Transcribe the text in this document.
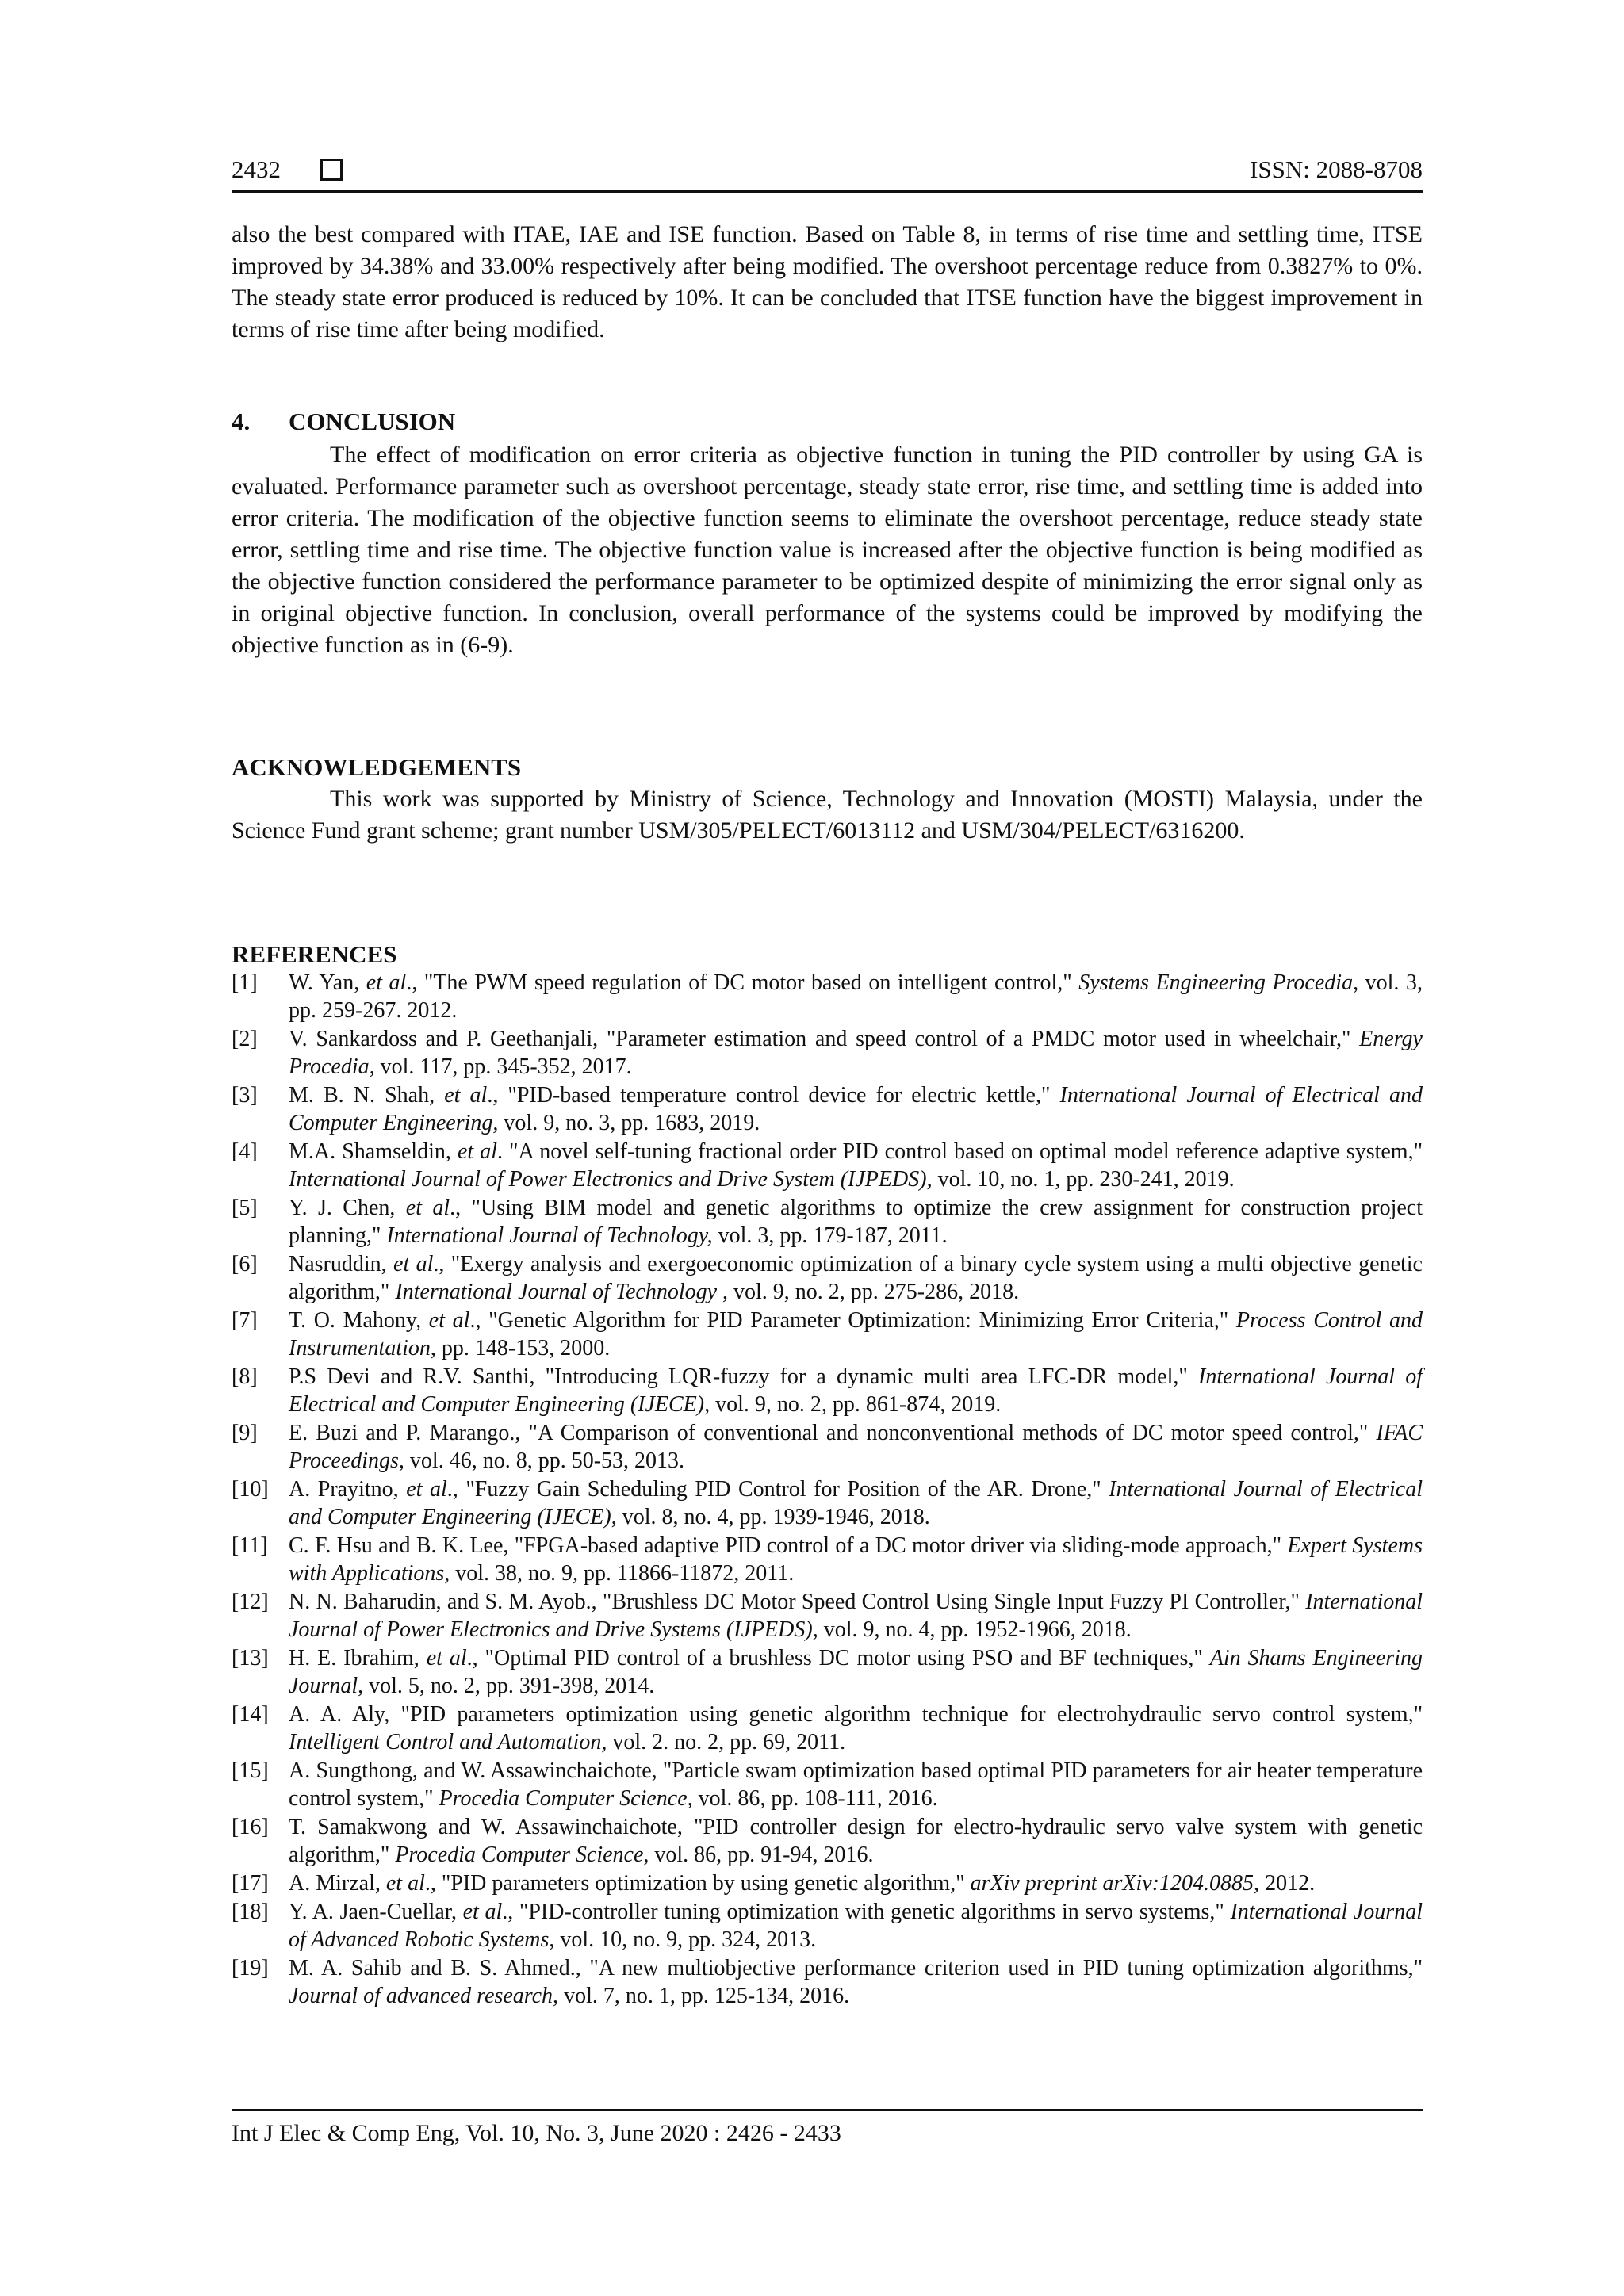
2432	ISSN: 2088-8708

also the best compared with ITAE, IAE and ISE function. Based on Table 8, in terms of rise time and settling time, ITSE improved by 34.38% and 33.00% respectively after being modified. The overshoot percentage reduce from 0.3827% to 0%. The steady state error produced is reduced by 10%. It can be concluded that ITSE function have the biggest improvement in terms of rise time after being modified.

4. CONCLUSION

The effect of modification on error criteria as objective function in tuning the PID controller by using GA is evaluated. Performance parameter such as overshoot percentage, steady state error, rise time, and settling time is added into error criteria. The modification of the objective function seems to eliminate the overshoot percentage, reduce steady state error, settling time and rise time. The objective function value is increased after the objective function is being modified as the objective function considered the performance parameter to be optimized despite of minimizing the error signal only as in original objective function. In conclusion, overall performance of the systems could be improved by modifying the objective function as in (6-9).

ACKNOWLEDGEMENTS

This work was supported by Ministry of Science, Technology and Innovation (MOSTI) Malaysia, under the Science Fund grant scheme; grant number USM/305/PELECT/6013112 and USM/304/PELECT/6316200.

REFERENCES
[1] W. Yan, et al., "The PWM speed regulation of DC motor based on intelligent control," Systems Engineering Procedia, vol. 3, pp. 259-267. 2012.
[2] V. Sankardoss and P. Geethanjali, "Parameter estimation and speed control of a PMDC motor used in wheelchair," Energy Procedia, vol. 117, pp. 345-352, 2017.
[3] M. B. N. Shah, et al., "PID-based temperature control device for electric kettle," International Journal of Electrical and Computer Engineering, vol. 9, no. 3, pp. 1683, 2019.
[4] M.A. Shamseldin, et al. "A novel self-tuning fractional order PID control based on optimal model reference adaptive system," International Journal of Power Electronics and Drive System (IJPEDS), vol. 10, no. 1, pp. 230-241, 2019.
[5] Y. J. Chen, et al., "Using BIM model and genetic algorithms to optimize the crew assignment for construction project planning," International Journal of Technology, vol. 3, pp. 179-187, 2011.
[6] Nasruddin, et al., "Exergy analysis and exergoeconomic optimization of a binary cycle system using a multi objective genetic algorithm," International Journal of Technology , vol. 9, no. 2, pp. 275-286, 2018.
[7] T. O. Mahony, et al., "Genetic Algorithm for PID Parameter Optimization: Minimizing Error Criteria," Process Control and Instrumentation, pp. 148-153, 2000.
[8] P.S Devi and R.V. Santhi, "Introducing LQR-fuzzy for a dynamic multi area LFC-DR model," International Journal of Electrical and Computer Engineering (IJECE), vol. 9, no. 2, pp. 861-874, 2019.
[9] E. Buzi and P. Marango., "A Comparison of conventional and nonconventional methods of DC motor speed control," IFAC Proceedings, vol. 46, no. 8, pp. 50-53, 2013.
[10] A. Prayitno, et al., "Fuzzy Gain Scheduling PID Control for Position of the AR. Drone," International Journal of Electrical and Computer Engineering (IJECE), vol. 8, no. 4, pp. 1939-1946, 2018.
[11] C. F. Hsu and B. K. Lee, "FPGA-based adaptive PID control of a DC motor driver via sliding-mode approach," Expert Systems with Applications, vol. 38, no. 9, pp. 11866-11872, 2011.
[12] N. N. Baharudin, and S. M. Ayob., "Brushless DC Motor Speed Control Using Single Input Fuzzy PI Controller," International Journal of Power Electronics and Drive Systems (IJPEDS), vol. 9, no. 4, pp. 1952-1966, 2018.
[13] H. E. Ibrahim, et al., "Optimal PID control of a brushless DC motor using PSO and BF techniques," Ain Shams Engineering Journal, vol. 5, no. 2, pp. 391-398, 2014.
[14] A. A. Aly, "PID parameters optimization using genetic algorithm technique for electrohydraulic servo control system," Intelligent Control and Automation, vol. 2. no. 2, pp. 69, 2011.
[15] A. Sungthong, and W. Assawinchaichote, "Particle swam optimization based optimal PID parameters for air heater temperature control system," Procedia Computer Science, vol. 86, pp. 108-111, 2016.
[16] T. Samakwong and W. Assawinchaichote, "PID controller design for electro-hydraulic servo valve system with genetic algorithm," Procedia Computer Science, vol. 86, pp. 91-94, 2016.
[17] A. Mirzal, et al., "PID parameters optimization by using genetic algorithm," arXiv preprint arXiv:1204.0885, 2012.
[18] Y. A. Jaen-Cuellar, et al., "PID-controller tuning optimization with genetic algorithms in servo systems," International Journal of Advanced Robotic Systems, vol. 10, no. 9, pp. 324, 2013.
[19] M. A. Sahib and B. S. Ahmed., "A new multiobjective performance criterion used in PID tuning optimization algorithms," Journal of advanced research, vol. 7, no. 1, pp. 125-134, 2016.
Int J Elec & Comp Eng, Vol. 10, No. 3, June 2020 : 2426 - 2433
